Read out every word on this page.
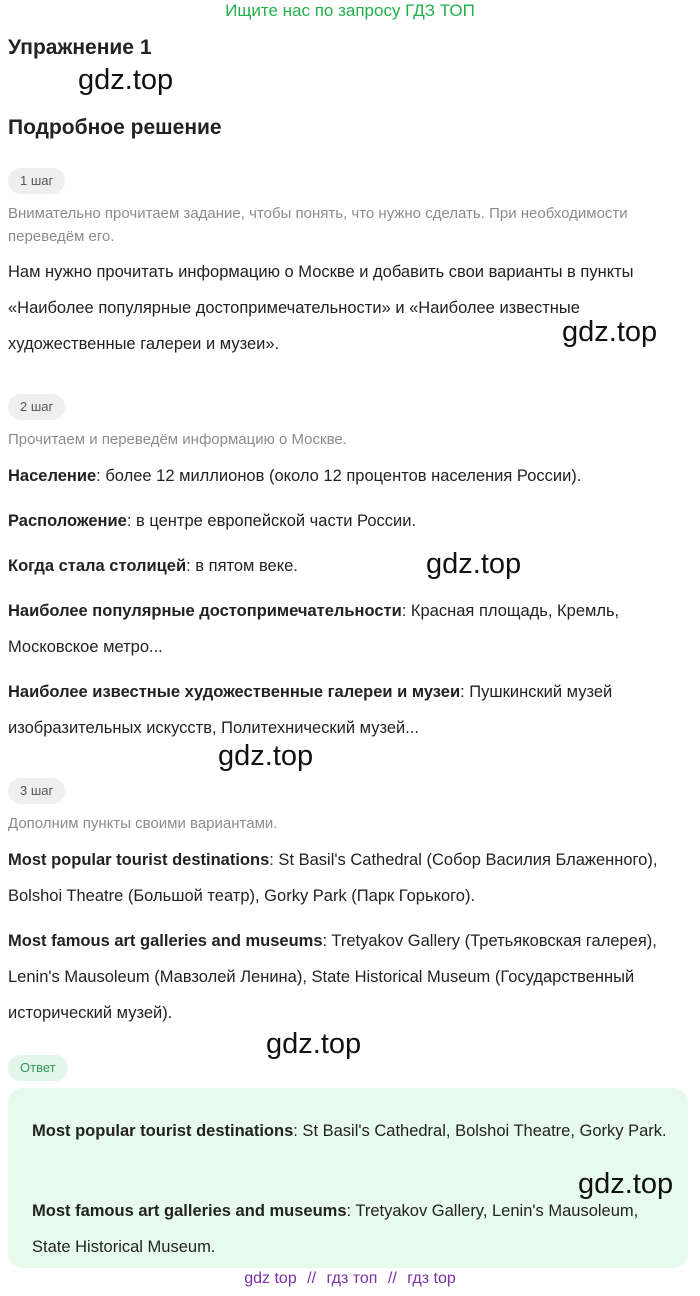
Ищите нас по запросу ГДЗ ТОП
Упражнение 1
gdz.top
Подробное решение
1 шаг
Внимательно прочитаем задание, чтобы понять, что нужно сделать. При необходимости переведём его.
Нам нужно прочитать информацию о Москве и добавить свои варианты в пункты «Наиболее популярные достопримечательности» и «Наиболее известные художественные галереи и музеи».	gdz.top
2 шаг
Прочитаем и переведём информацию о Москве.
Население: более 12 миллионов (около 12 процентов населения России).
Расположение: в центре европейской части России.
Когда стала столицей: в пятом веке.	gdz.top
Наиболее популярные достопримечательности: Красная площадь, Кремль, Московское метро...
Наиболее известные художественные галереи и музеи: Пушкинский музей изобразительных искусств, Политехнический музей...
gdz.top
3 шаг
Дополним пункты своими вариантами.
Most popular tourist destinations: St Basil's Cathedral (Собор Василия Блаженного), Bolshoi Theatre (Большой театр), Gorky Park (Парк Горького).
Most famous art galleries and museums: Tretyakov Gallery (Третьяковская галерея), Lenin's Mausoleum (Мавзолей Ленина), State Historical Museum (Государственный исторический музей).
gdz.top
Ответ
Most popular tourist destinations: St Basil's Cathedral, Bolshoi Theatre, Gorky Park.
Most famous art galleries and museums: Tretyakov Gallery, Lenin's Mausoleum, State Historical Museum.
gdz.top
gdz top // гдз топ // гдз top
